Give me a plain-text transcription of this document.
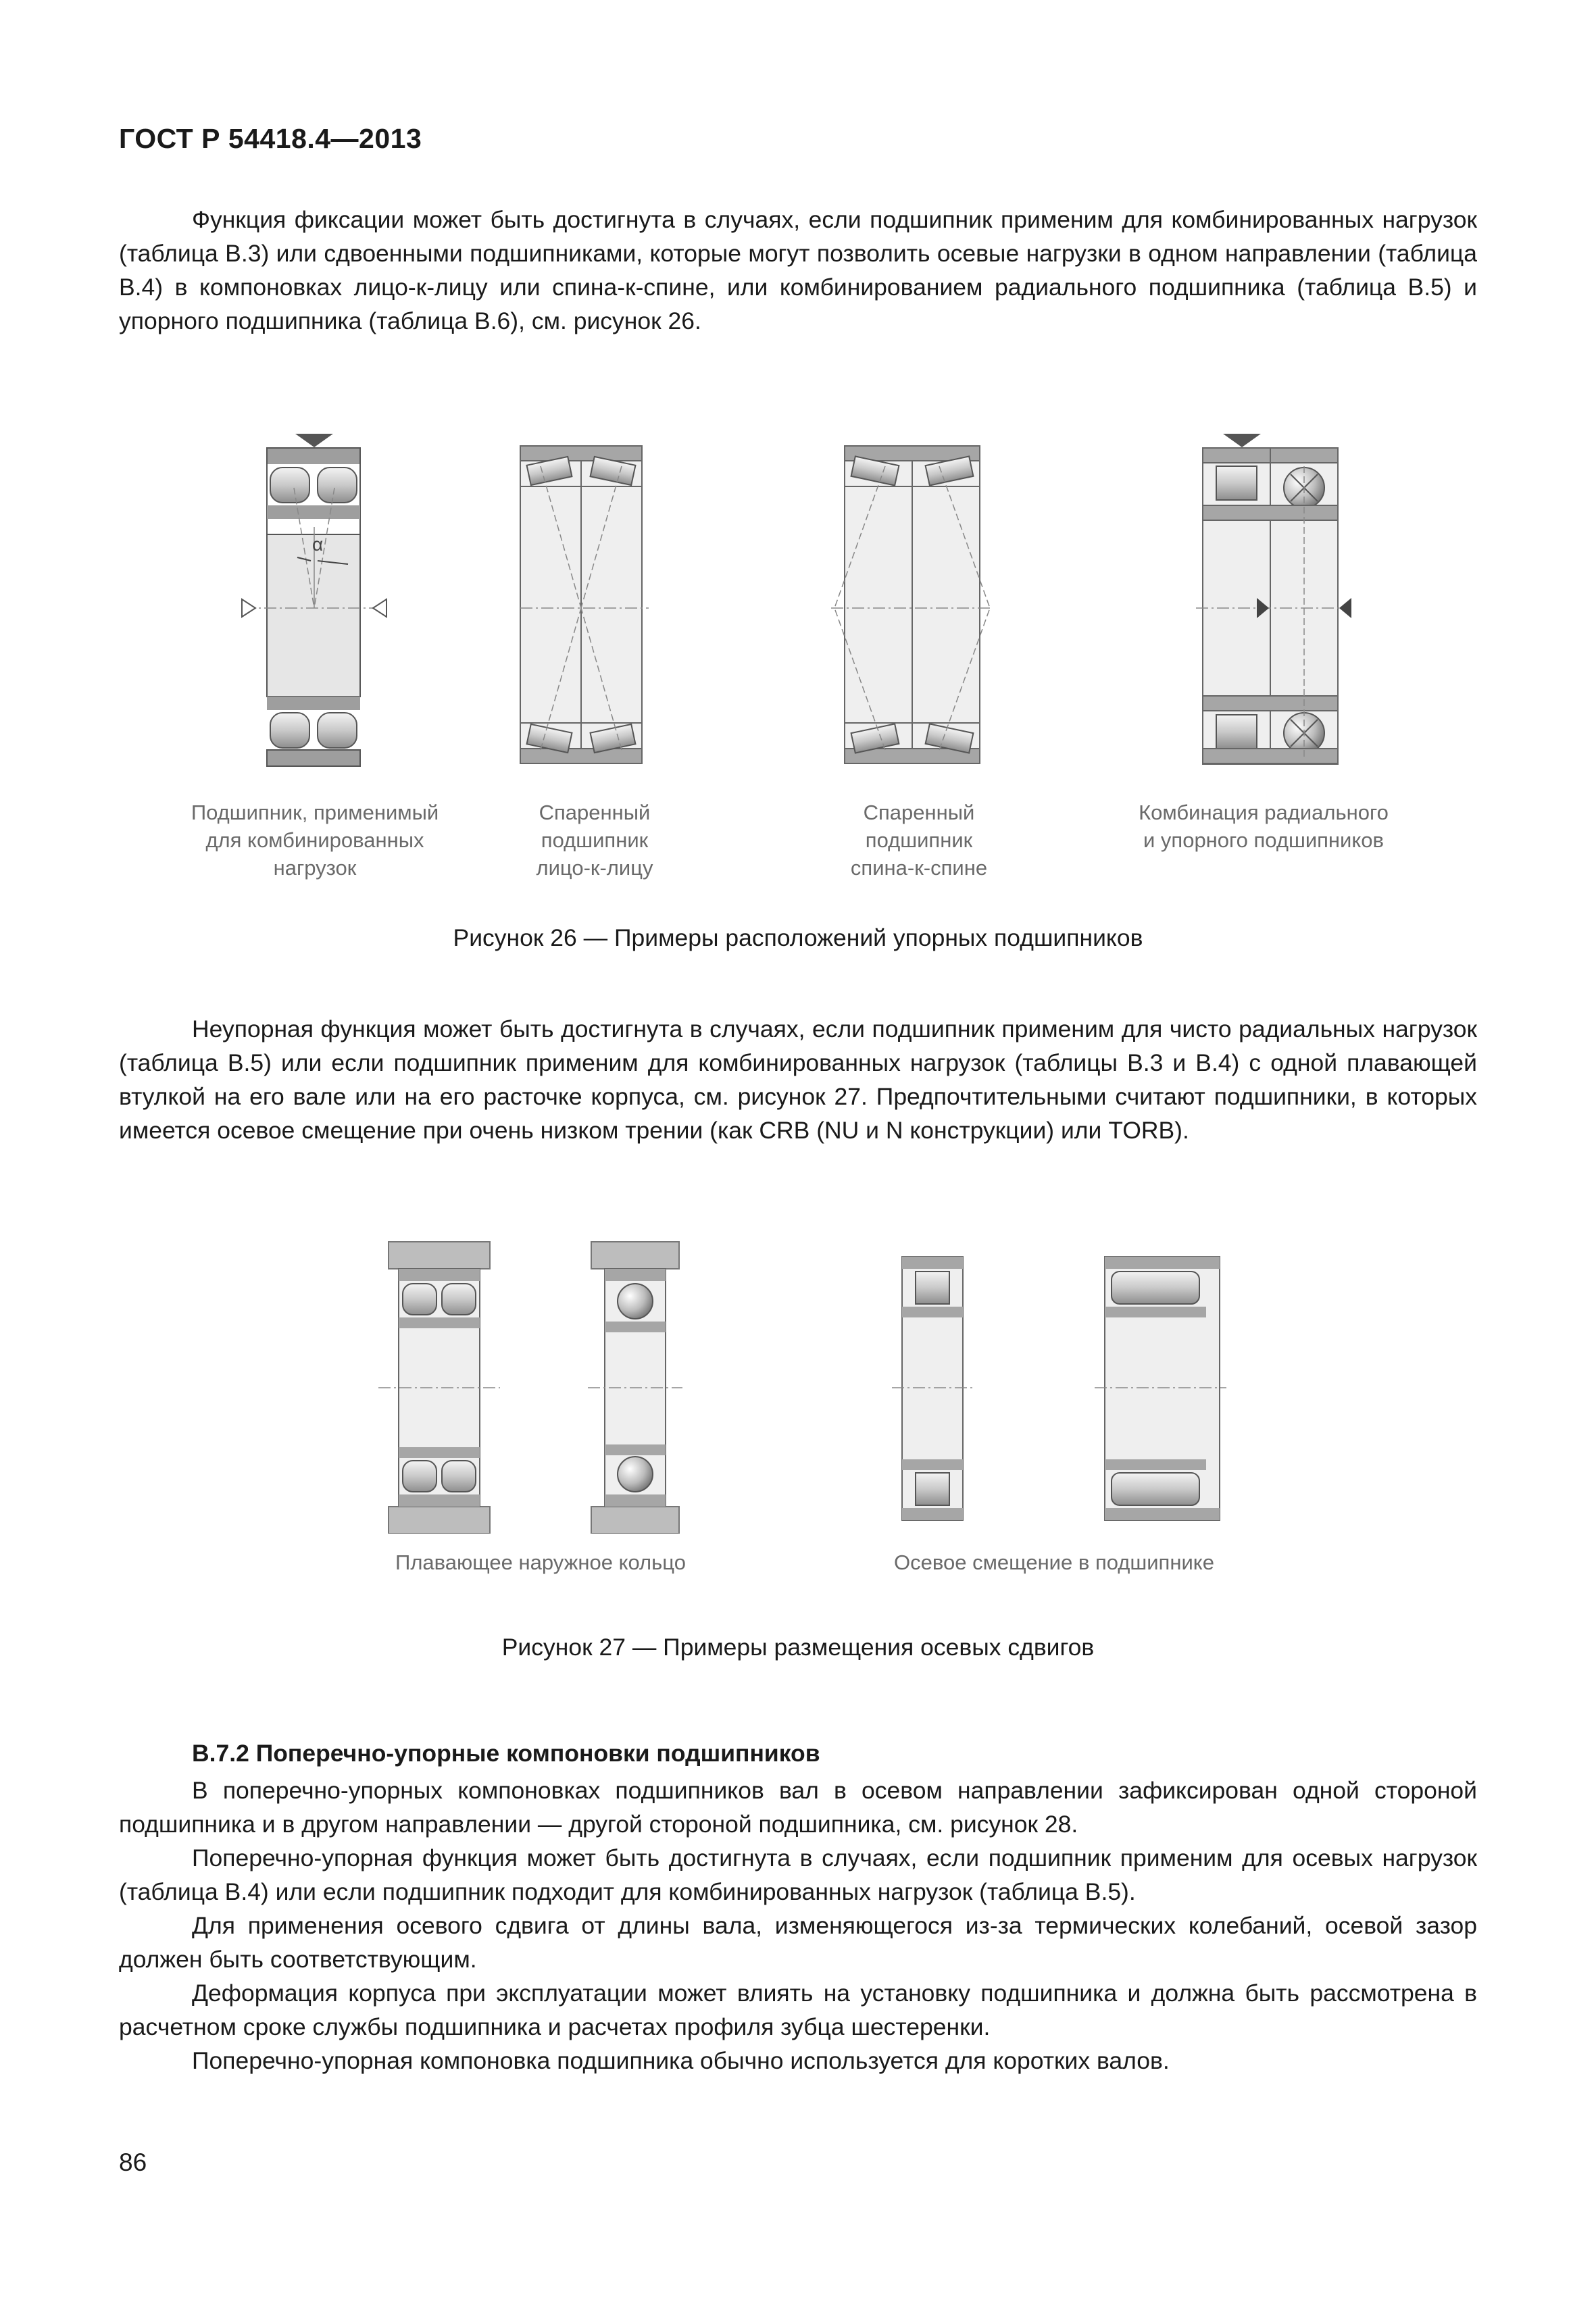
ГОСТ Р 54418.4—2013

Функция фиксации может быть достигнута в случаях, если подшипник применим для комбинированных нагрузок (таблица В.3) или сдвоенными подшипниками, которые могут позволить осевые нагрузки в одном направлении (таблица В.4) в компоновках лицо-к-лицу или спина-к-спине, или комбинированием радиального подшипника (таблица В.5) и упорного подшипника (таблица В.6), см. рисунок 26.

α
Подшипник, применимый
для комбинированных
нагрузок
Спаренный
подшипник
лицо-к-лицу
Спаренный
подшипник
спина-к-спине
Комбинация радиального
и упорного подшипников
Рисунок 26 — Примеры расположений упорных подшипников

Неупорная функция может быть достигнута в случаях, если подшипник применим для чисто радиальных нагрузок (таблица В.5) или если подшипник применим для комбинированных нагрузок (таблицы В.3 и В.4) с одной плавающей втулкой на его вале или на его расточке корпуса, см. рисунок 27. Предпочтительными считают подшипники, в которых имеется осевое смещение при очень низком трении (как CRB (NU и N конструкции) или TORB).

Плавающее наружное кольцо	Осевое смещение в подшипнике
Рисунок 27 — Примеры размещения осевых сдвигов
В.7.2 Поперечно-упорные компоновки подшипников

В поперечно-упорных компоновках подшипников вал в осевом направлении зафиксирован одной стороной подшипника и в другом направлении — другой стороной подшипника, см. рисунок 28.

Поперечно-упорная функция может быть достигнута в случаях, если подшипник применим для осевых нагрузок (таблица В.4) или если подшипник подходит для комбинированных нагрузок (таблица В.5).

Для применения осевого сдвига от длины вала, изменяющегося из-за термических колебаний, осевой зазор должен быть соответствующим.

Деформация корпуса при эксплуатации может влиять на установку подшипника и должна быть рассмотрена в расчетном сроке службы подшипника и расчетах профиля зубца шестеренки.

Поперечно-упорная компоновка подшипника обычно используется для коротких валов.

86
